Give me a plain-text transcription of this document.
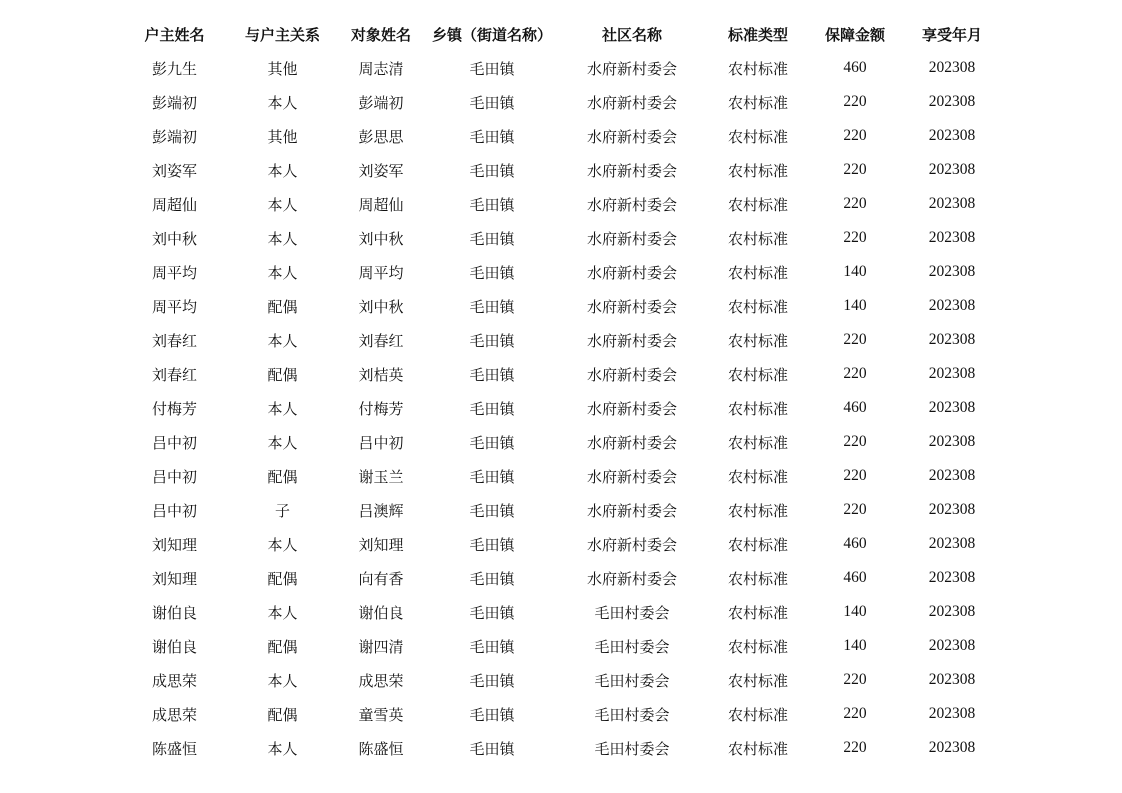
户主姓名	与户主关系	对象姓名	乡镇（街道名称）	社区名称	标准类型	保障金额	享受年月
彭九生	其他	周志清	毛田镇	水府新村委会	农村标准	460	202308
彭端初	本人	彭端初	毛田镇	水府新村委会	农村标准	220	202308
彭端初	其他	彭思思	毛田镇	水府新村委会	农村标准	220	202308
刘姿军	本人	刘姿军	毛田镇	水府新村委会	农村标准	220	202308
周超仙	本人	周超仙	毛田镇	水府新村委会	农村标准	220	202308
刘中秋	本人	刘中秋	毛田镇	水府新村委会	农村标准	220	202308
周平均	本人	周平均	毛田镇	水府新村委会	农村标准	140	202308
周平均	配偶	刘中秋	毛田镇	水府新村委会	农村标准	140	202308
刘春红	本人	刘春红	毛田镇	水府新村委会	农村标准	220	202308
刘春红	配偶	刘桔英	毛田镇	水府新村委会	农村标准	220	202308
付梅芳	本人	付梅芳	毛田镇	水府新村委会	农村标准	460	202308
吕中初	本人	吕中初	毛田镇	水府新村委会	农村标准	220	202308
吕中初	配偶	谢玉兰	毛田镇	水府新村委会	农村标准	220	202308
吕中初	子	吕澳辉	毛田镇	水府新村委会	农村标准	220	202308
刘知理	本人	刘知理	毛田镇	水府新村委会	农村标准	460	202308
刘知理	配偶	向有香	毛田镇	水府新村委会	农村标准	460	202308
谢伯良	本人	谢伯良	毛田镇	毛田村委会	农村标准	140	202308
谢伯良	配偶	谢四清	毛田镇	毛田村委会	农村标准	140	202308
成思荣	本人	成思荣	毛田镇	毛田村委会	农村标准	220	202308
成思荣	配偶	童雪英	毛田镇	毛田村委会	农村标准	220	202308
陈盛恒	本人	陈盛恒	毛田镇	毛田村委会	农村标准	220	202308
